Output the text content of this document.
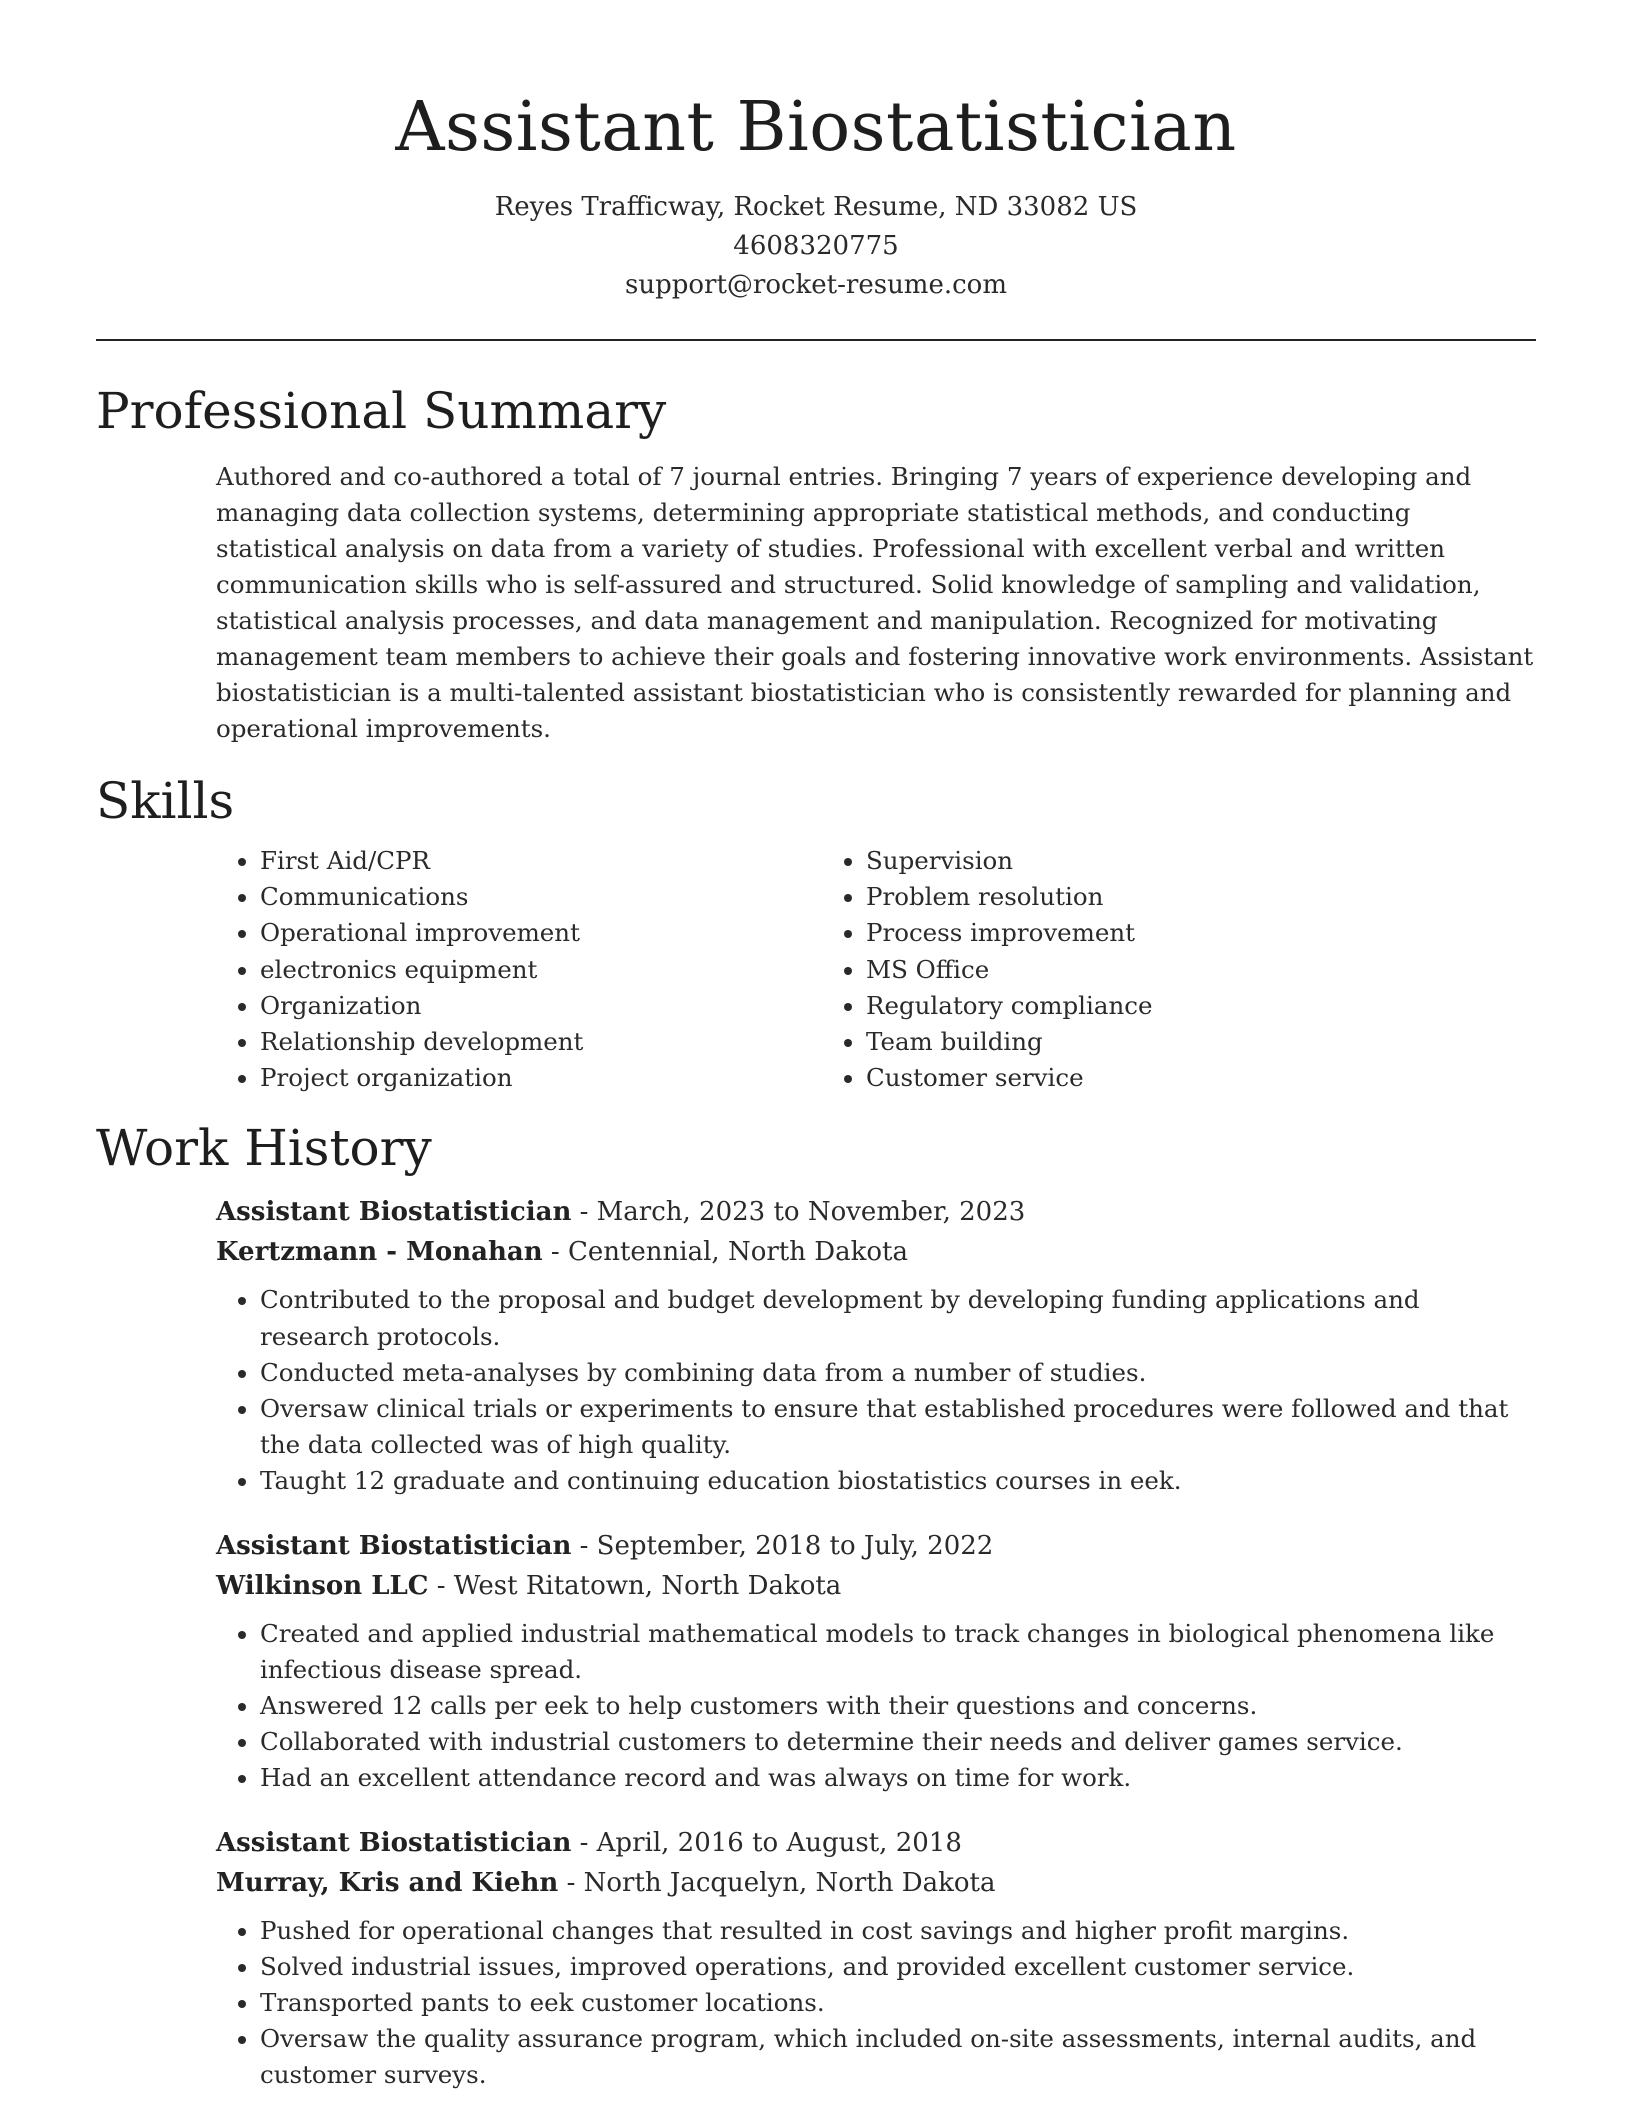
Assistant Biostatistician
Reyes Trafficway, Rocket Resume, ND 33082 US
4608320775
support@rocket-resume.com
Professional Summary

Authored and co-authored a total of 7 journal entries. Bringing 7 years of experience developing and managing data collection systems, determining appropriate statistical methods, and conducting statistical analysis on data from a variety of studies. Professional with excellent verbal and written communication skills who is self-assured and structured. Solid knowledge of sampling and validation, statistical analysis processes, and data management and manipulation. Recognized for motivating management team members to achieve their goals and fostering innovative work environments. Assistant biostatistician is a multi-talented assistant biostatistician who is consistently rewarded for planning and operational improvements.

Skills
• First Aid/CPR
• Communications
• Operational improvement
• electronics equipment
• Organization
• Relationship development
• Project organization
• Supervision
• Problem resolution
• Process improvement
• MS Office
• Regulatory compliance
• Team building
• Customer service
Work History
Assistant Biostatistician - March, 2023 to November, 2023
Kertzmann - Monahan - Centennial, North Dakota
• Contributed to the proposal and budget development by developing funding applications and research protocols.
• Conducted meta-analyses by combining data from a number of studies.
• Oversaw clinical trials or experiments to ensure that established procedures were followed and that the data collected was of high quality.
• Taught 12 graduate and continuing education biostatistics courses in eek.
Assistant Biostatistician - September, 2018 to July, 2022
Wilkinson LLC - West Ritatown, North Dakota
• Created and applied industrial mathematical models to track changes in biological phenomena like infectious disease spread.
• Answered 12 calls per eek to help customers with their questions and concerns.
• Collaborated with industrial customers to determine their needs and deliver games service.
• Had an excellent attendance record and was always on time for work.
Assistant Biostatistician - April, 2016 to August, 2018
Murray, Kris and Kiehn - North Jacquelyn, North Dakota
• Pushed for operational changes that resulted in cost savings and higher profit margins.
• Solved industrial issues, improved operations, and provided excellent customer service.
• Transported pants to eek customer locations.
• Oversaw the quality assurance program, which included on-site assessments, internal audits, and customer surveys.
